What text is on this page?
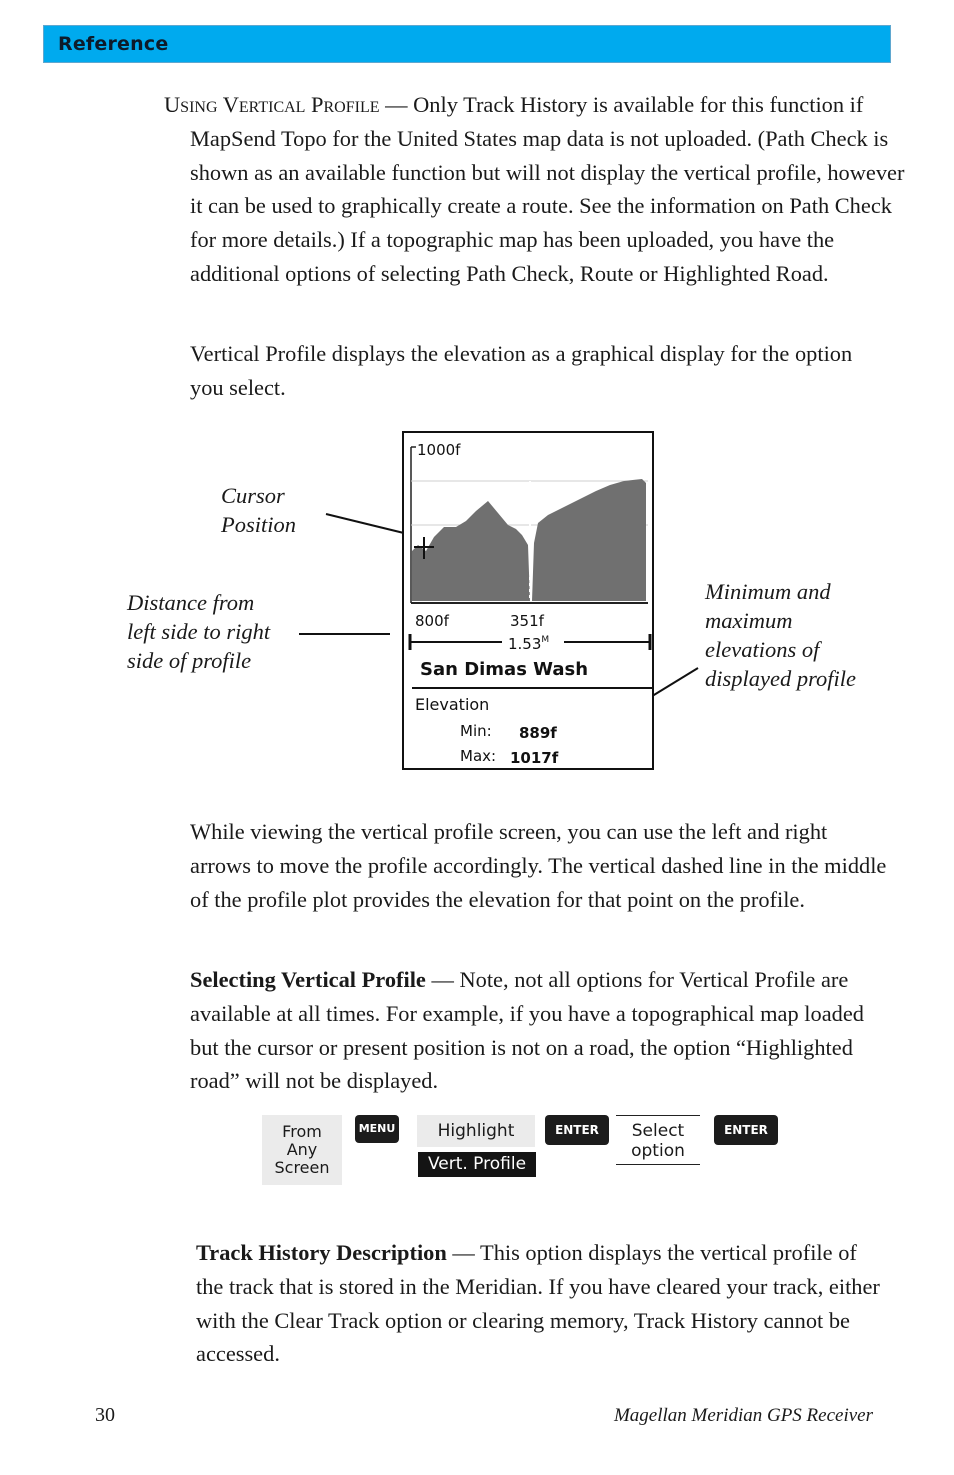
Reference
Using Vertical Profile — Only Track History is available for this function if MapSend Topo for the United States map data is not uploaded. (Path Check is shown as an available function but will not display the vertical profile, however it can be used to graphically create a route. See the information on Path Check for more details.) If a topographic map has been uploaded, you have the additional options of selecting Path Check, Route or Highlighted Road.
Vertical Profile displays the elevation as a graphical display for the option you select.
Cursor
Position
Distance from
left side to right
side of profile
Minimum and
maximum
elevations of
displayed profile
1000f
800f	351f
$1.53^M$
San Dimas Wash
Elevation
Min: 889f
Max: 1017f
While viewing the vertical profile screen, you can use the left and right arrows to move the profile accordingly. The vertical dashed line in the middle of the profile plot provides the elevation for that point on the profile.
Selecting Vertical Profile — Note, not all options for Vertical Profile are available at all times. For example, if you have a topographical map loaded but the cursor or present position is not on a road, the option “Highlighted road” will not be displayed.
From
Any
Screen
MENU	Highlight
Vert. Profile
ENTER	Select
option
ENTER
Track History Description — This option displays the vertical profile of the track that is stored in the Meridian. If you have cleared your track, either with the Clear Track option or clearing memory, Track History cannot be accessed.
30	Magellan Meridian GPS Receiver
